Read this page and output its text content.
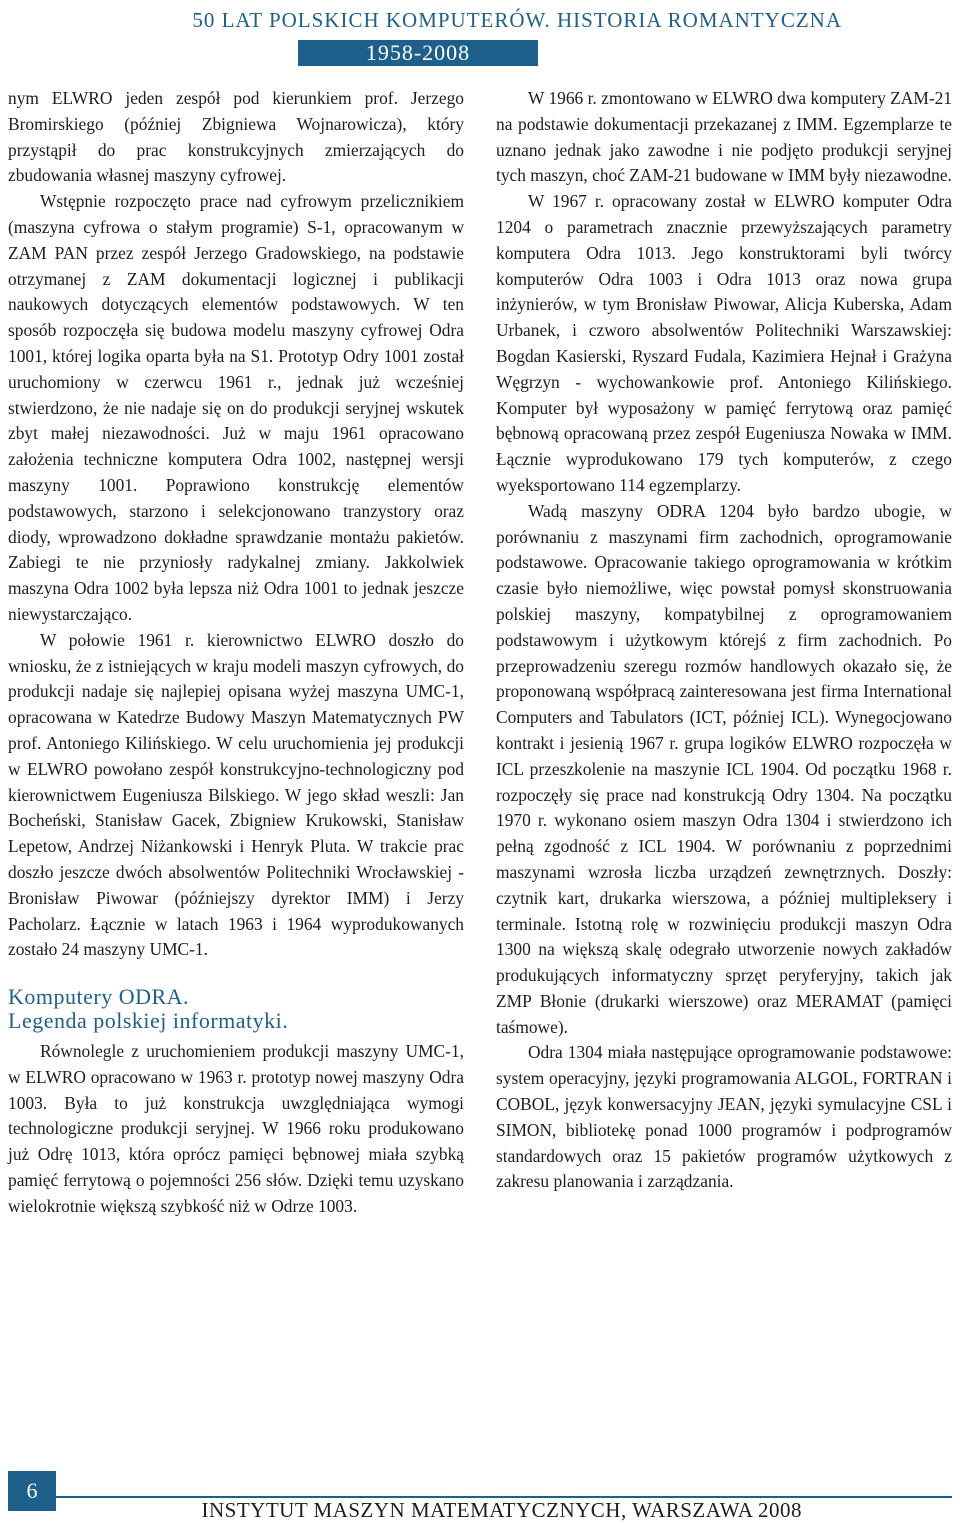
50 LAT POLSKICH KOMPUTERÓW. HISTORIA ROMANTYCZNA
1958-2008

nym ELWRO jeden zespół pod kierunkiem prof. Jerzego Bromirskiego (później Zbigniewa Wojnarowicza), który przystąpił do prac konstrukcyjnych zmierzających do zbudowania własnej maszyny cyfrowej.

Wstępnie rozpoczęto prace nad cyfrowym przelicznikiem (maszyna cyfrowa o stałym programie) S-1, opracowanym w ZAM PAN przez zespół Jerzego Gradowskiego, na podstawie otrzymanej z ZAM dokumentacji logicznej i publikacji naukowych dotyczących elementów podstawowych. W ten sposób rozpoczęła się budowa modelu maszyny cyfrowej Odra 1001, której logika oparta była na S1. Prototyp Odry 1001 został uruchomiony w czerwcu 1961 r., jednak już wcześniej stwierdzono, że nie nadaje się on do produkcji seryjnej wskutek zbyt małej niezawodności. Już w maju 1961 opracowano założenia techniczne komputera Odra 1002, następnej wersji maszyny 1001. Poprawiono konstrukcję elementów podstawowych, starzono i selekcjonowano tranzystory oraz diody, wprowadzono dokładne sprawdzanie montażu pakietów. Zabiegi te nie przyniosły radykalnej zmiany. Jakkolwiek maszyna Odra 1002 była lepsza niż Odra 1001 to jednak jeszcze niewystarczająco.

W połowie 1961 r. kierownictwo ELWRO doszło do wniosku, że z istniejących w kraju modeli maszyn cyfrowych, do produkcji nadaje się najlepiej opisana wyżej maszyna UMC-1, opracowana w Katedrze Budowy Maszyn Matematycznych PW prof. Antoniego Kilińskiego. W celu uruchomienia jej produkcji w ELWRO powołano zespół konstrukcyjno-technologiczny pod kierownictwem Eugeniusza Bilskiego. W jego skład weszli: Jan Bocheński, Stanisław Gacek, Zbigniew Krukowski, Stanisław Lepetow, Andrzej Niżankowski i Henryk Pluta. W trakcie prac doszło jeszcze dwóch absolwentów Politechniki Wrocławskiej - Bronisław Piwowar (późniejszy dyrektor IMM) i Jerzy Pacholarz. Łącznie w latach 1963 i 1964 wyprodukowanych zostało 24 maszyny UMC-1.

Komputery ODRA.
Legenda polskiej informatyki.

Równolegle z uruchomieniem produkcji maszyny UMC-1, w ELWRO opracowano w 1963 r. prototyp nowej maszyny Odra 1003. Była to już konstrukcja uwzględniająca wymogi technologiczne produkcji seryjnej. W 1966 roku produkowano już Odrę 1013, która oprócz pamięci bębnowej miała szybką pamięć ferrytową o pojemności 256 słów. Dzięki temu uzyskano wielokrotnie większą szybkość niż w Odrze 1003.

W 1966 r. zmontowano w ELWRO dwa komputery ZAM-21 na podstawie dokumentacji przekazanej z IMM. Egzemplarze te uznano jednak jako zawodne i nie podjęto produkcji seryjnej tych maszyn, choć ZAM-21 budowane w IMM były niezawodne.

W 1967 r. opracowany został w ELWRO komputer Odra 1204 o parametrach znacznie przewyższających parametry komputera Odra 1013. Jego konstruktorami byli twórcy komputerów Odra 1003 i Odra 1013 oraz nowa grupa inżynierów, w tym Bronisław Piwowar, Alicja Kuberska, Adam Urbanek, i czworo absolwentów Politechniki Warszawskiej: Bogdan Kasierski, Ryszard Fudala, Kazimiera Hejnał i Grażyna Węgrzyn - wychowankowie prof. Antoniego Kilińskiego. Komputer był wyposażony w pamięć ferrytową oraz pamięć bębnową opracowaną przez zespół Eugeniusza Nowaka w IMM. Łącznie wyprodukowano 179 tych komputerów, z czego wyeksportowano 114 egzemplarzy.

Wadą maszyny ODRA 1204 było bardzo ubogie, w porównaniu z maszynami firm zachodnich, oprogramowanie podstawowe. Opracowanie takiego oprogramowania w krótkim czasie było niemożliwe, więc powstał pomysł skonstruowania polskiej maszyny, kompatybilnej z oprogramowaniem podstawowym i użytkowym którejś z firm zachodnich. Po przeprowadzeniu szeregu rozmów handlowych okazało się, że proponowaną współpracą zainteresowana jest firma International Computers and Tabulators (ICT, później ICL). Wynegocjowano kontrakt i jesienią 1967 r. grupa logików ELWRO rozpoczęła w ICL przeszkolenie na maszynie ICL 1904. Od początku 1968 r. rozpoczęły się prace nad konstrukcją Odry 1304. Na początku 1970 r. wykonano osiem maszyn Odra 1304 i stwierdzono ich pełną zgodność z ICL 1904. W porównaniu z poprzednimi maszynami wzrosła liczba urządzeń zewnętrznych. Doszły: czytnik kart, drukarka wierszowa, a później multipleksery i terminale. Istotną rolę w rozwinięciu produkcji maszyn Odra 1300 na większą skalę odegrało utworzenie nowych zakładów produkujących informatyczny sprzęt peryferyjny, takich jak ZMP Błonie (drukarki wierszowe) oraz MERAMAT (pamięci taśmowe).

Odra 1304 miała następujące oprogramowanie podstawowe: system operacyjny, języki programowania ALGOL, FORTRAN i COBOL, język konwersacyjny JEAN, języki symulacyjne CSL i SIMON, bibliotekę ponad 1000 programów i podprogramów standardowych oraz 15 pakietów programów użytkowych z zakresu planowania i zarządzania.

6
INSTYTUT MASZYN MATEMATYCZNYCH, WARSZAWA 2008
